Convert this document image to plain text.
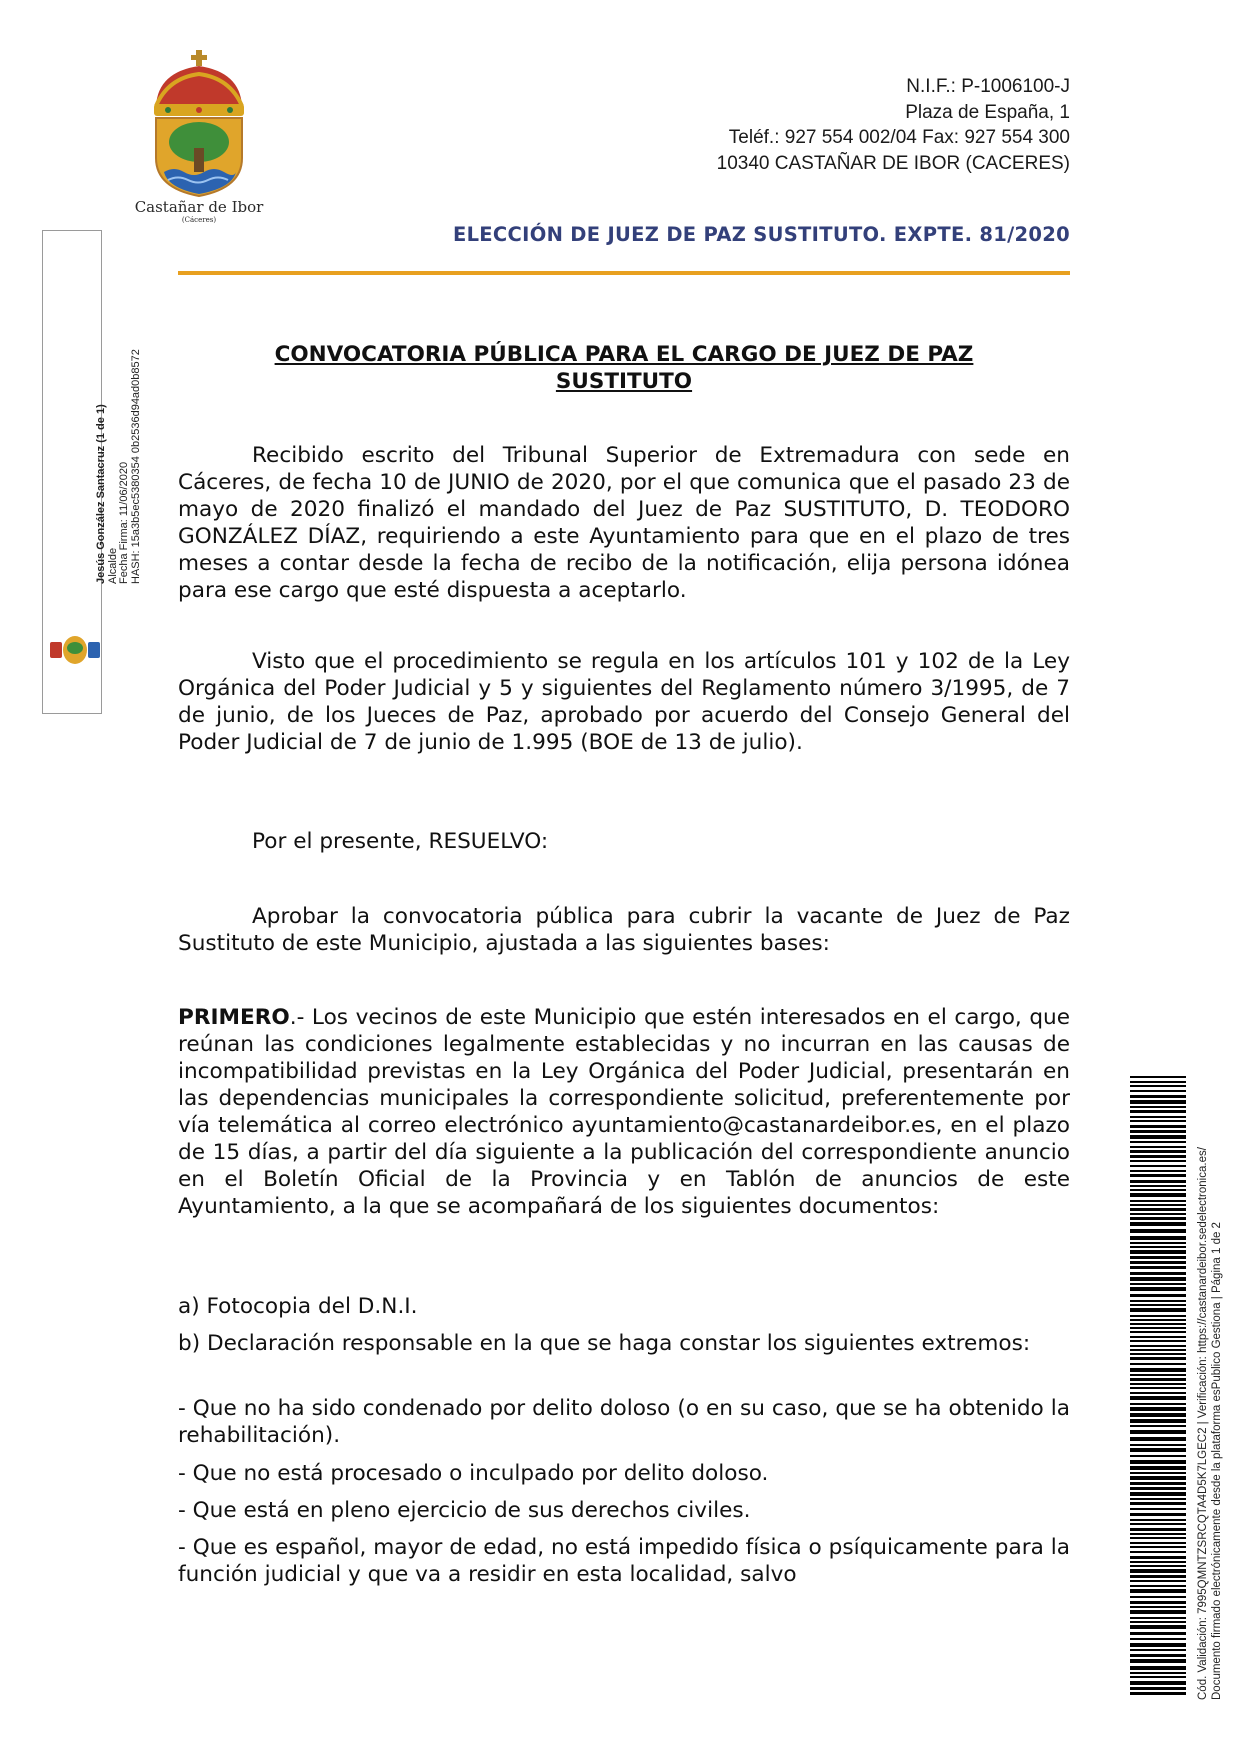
Castañar de Ibor
(Cáceres)
N.I.F.: P-1006100-J
Plaza de España, 1
Teléf.: 927 554 002/04 Fax: 927 554 300
10340 CASTAÑAR DE IBOR (CACERES)
ELECCIÓN DE JUEZ DE PAZ SUSTITUTO. EXPTE. 81/2020
CONVOCATORIA PÚBLICA PARA EL CARGO DE JUEZ DE PAZ
SUSTITUTO
Recibido escrito del Tribunal Superior de Extremadura con sede en Cáceres, de fecha 10 de JUNIO de 2020, por el que comunica que el pasado 23 de mayo de 2020 finalizó el mandado del Juez de Paz SUSTITUTO, D. TEODORO GONZÁLEZ DÍAZ, requiriendo a este Ayuntamiento para que en el plazo de tres meses a contar desde la fecha de recibo de la notificación, elija persona idónea para ese cargo que esté dispuesta a aceptarlo.
Visto que el procedimiento se regula en los artículos 101 y 102 de la Ley Orgánica del Poder Judicial y 5 y siguientes del Reglamento número 3/1995, de 7 de junio, de los Jueces de Paz, aprobado por acuerdo del Consejo General del Poder Judicial de 7 de junio de 1.995 (BOE de 13 de julio).
Por el presente, RESUELVO:
Aprobar la convocatoria pública para cubrir la vacante de Juez de Paz Sustituto de este Municipio, ajustada a las siguientes bases:
PRIMERO.- Los vecinos de este Municipio que estén interesados en el cargo, que reúnan las condiciones legalmente establecidas y no incurran en las causas de incompatibilidad previstas en la Ley Orgánica del Poder Judicial, presentarán en las dependencias municipales la correspondiente solicitud, preferentemente por vía telemática al correo electrónico ayuntamiento@castanardeibor.es, en el plazo de 15 días, a partir del día siguiente a la publicación del correspondiente anuncio en el Boletín Oficial de la Provincia y en Tablón de anuncios de este Ayuntamiento, a la que se acompañará de los siguientes documentos:
a) Fotocopia del D.N.I.
b) Declaración responsable en la que se haga constar los siguientes extremos:
- Que no ha sido condenado por delito doloso (o en su caso, que se ha obtenido la rehabilitación).
- Que no está procesado o inculpado por delito doloso.
- Que está en pleno ejercicio de sus derechos civiles.
- Que es español, mayor de edad, no está impedido física o psíquicamente para la función judicial y que va a residir en esta localidad, salvo
Jesús González Santacruz (1 de 1) Alcalde Fecha Firma: 11/06/2020 HASH: 15a3b5ec5380354 0b2536d94ad0b8572
Cód. Validación: 7995QMNTZSRCQTA4D5K7LGEC2 | Verificación: https://castanardeibor.sedelectronica.es/ Documento firmado electrónicamente desde la plataforma esPublico Gestiona | Página 1 de 2
